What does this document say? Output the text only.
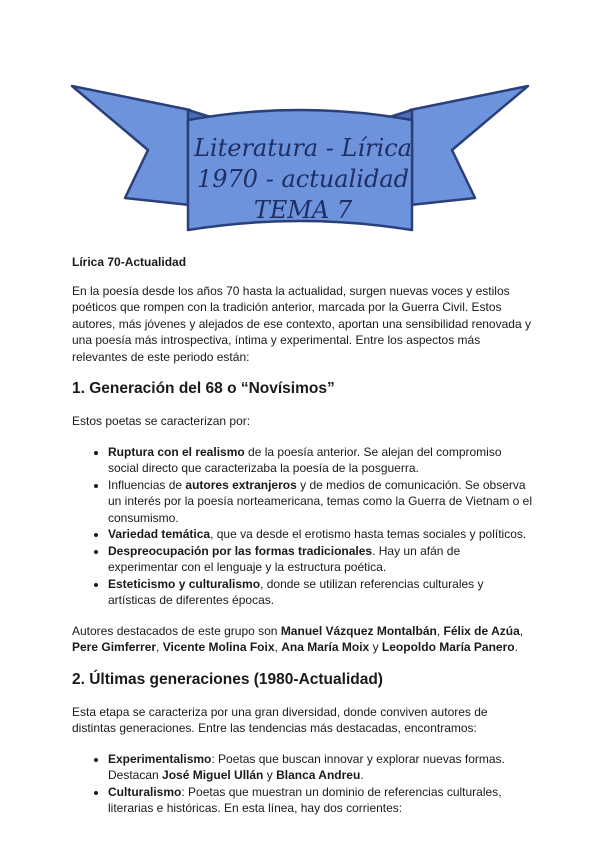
Literatura - Lírica
1970 - actualidad
TEMA 7

Lírica 70-Actualidad

En la poesía desde los años 70 hasta la actualidad, surgen nuevas voces y estilos poéticos que rompen con la tradición anterior, marcada por la Guerra Civil. Estos autores, más jóvenes y alejados de ese contexto, aportan una sensibilidad renovada y una poesía más introspectiva, íntima y experimental. Entre los aspectos más relevantes de este periodo están:

1. Generación del 68 o “Novísimos”

Estos poetas se caracterizan por:

• Ruptura con el realismo de la poesía anterior. Se alejan del compromiso social directo que caracterizaba la poesía de la posguerra.
• Influencias de autores extranjeros y de medios de comunicación. Se observa un interés por la poesía norteamericana, temas como la Guerra de Vietnam o el consumismo.
• Variedad temática, que va desde el erotismo hasta temas sociales y políticos.
• Despreocupación por las formas tradicionales. Hay un afán de experimentar con el lenguaje y la estructura poética.
• Esteticismo y culturalismo, donde se utilizan referencias culturales y artísticas de diferentes épocas.

Autores destacados de este grupo son Manuel Vázquez Montalbán, Félix de Azúa, Pere Gimferrer, Vicente Molina Foix, Ana María Moix y Leopoldo María Panero.

2. Últimas generaciones (1980-Actualidad)

Esta etapa se caracteriza por una gran diversidad, donde conviven autores de distintas generaciones. Entre las tendencias más destacadas, encontramos:

• Experimentalismo: Poetas que buscan innovar y explorar nuevas formas. Destacan José Miguel Ullán y Blanca Andreu.
• Culturalismo: Poetas que muestran un dominio de referencias culturales, literarias e históricas. En esta línea, hay dos corrientes:
